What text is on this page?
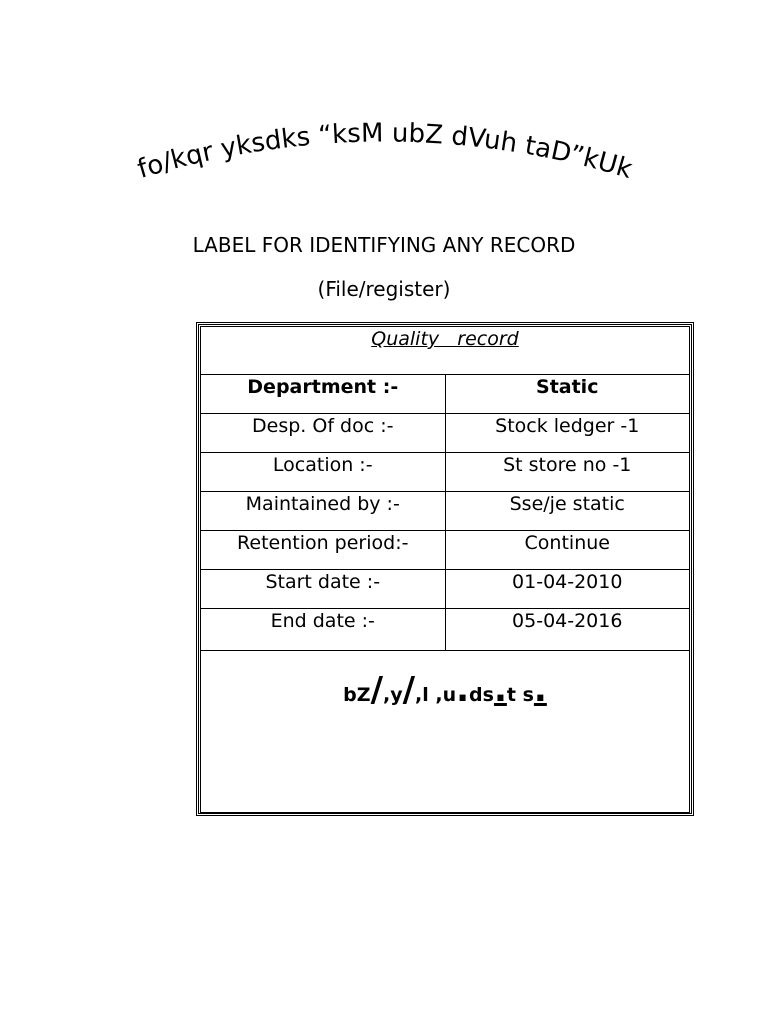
fo/kqr yksdks “ksM ubZ dVuh taD”kUk
LABEL FOR IDENTIFYING ANY RECORD
(File/register)
Quality   record	
Department :-	Static
Desp. Of doc :-	Stock ledger -1
Location :-	St store no -1
Maintained by :-	Sse/je static
Retention period:-	Continue
Start date :-	01-04-2010
End date :-	05-04-2016
bZ/,y/,l ,u.ds.t s.	
